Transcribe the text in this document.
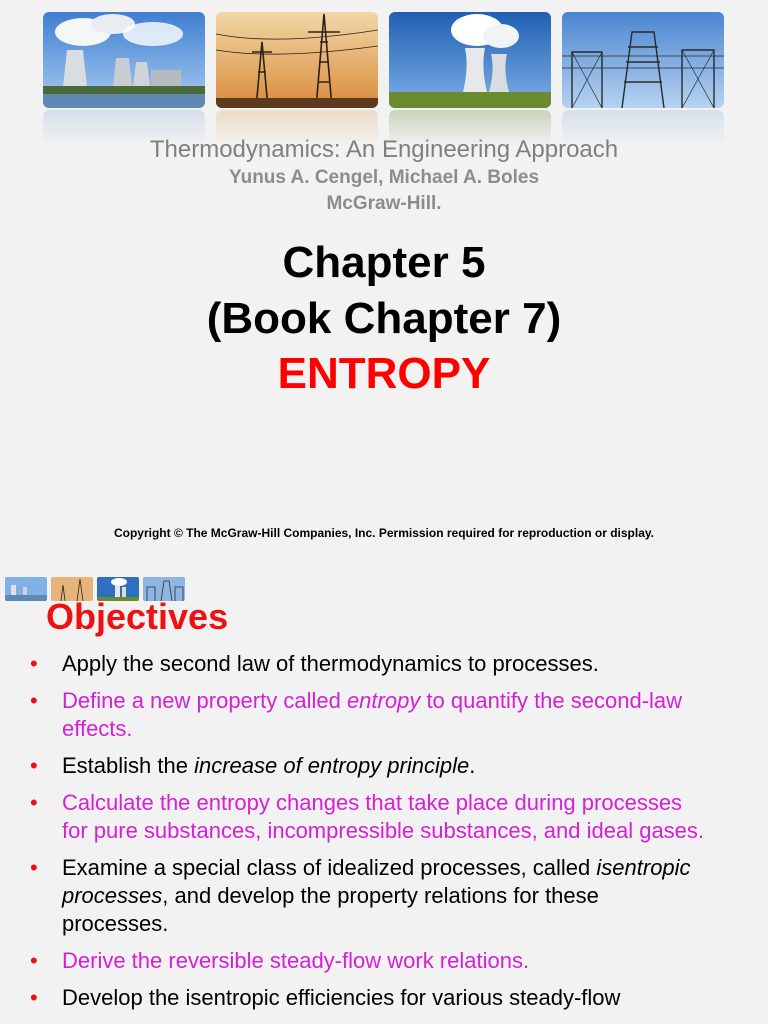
Thermodynamics: An Engineering Approach
Yunus A. Cengel, Michael A. Boles
McGraw-Hill.
Chapter 5
(Book Chapter 7)
ENTROPY
Copyright © The McGraw-Hill Companies, Inc. Permission required for reproduction or display.
Objectives
• Apply the second law of thermodynamics to processes.
• Define a new property called entropy to quantify the second-law effects.
• Establish the increase of entropy principle.
• Calculate the entropy changes that take place during processes for pure substances, incompressible substances, and ideal gases.
• Examine a special class of idealized processes, called isentropic processes, and develop the property relations for these processes.
• Derive the reversible steady-flow work relations.
• Develop the isentropic efficiencies for various steady-flow
